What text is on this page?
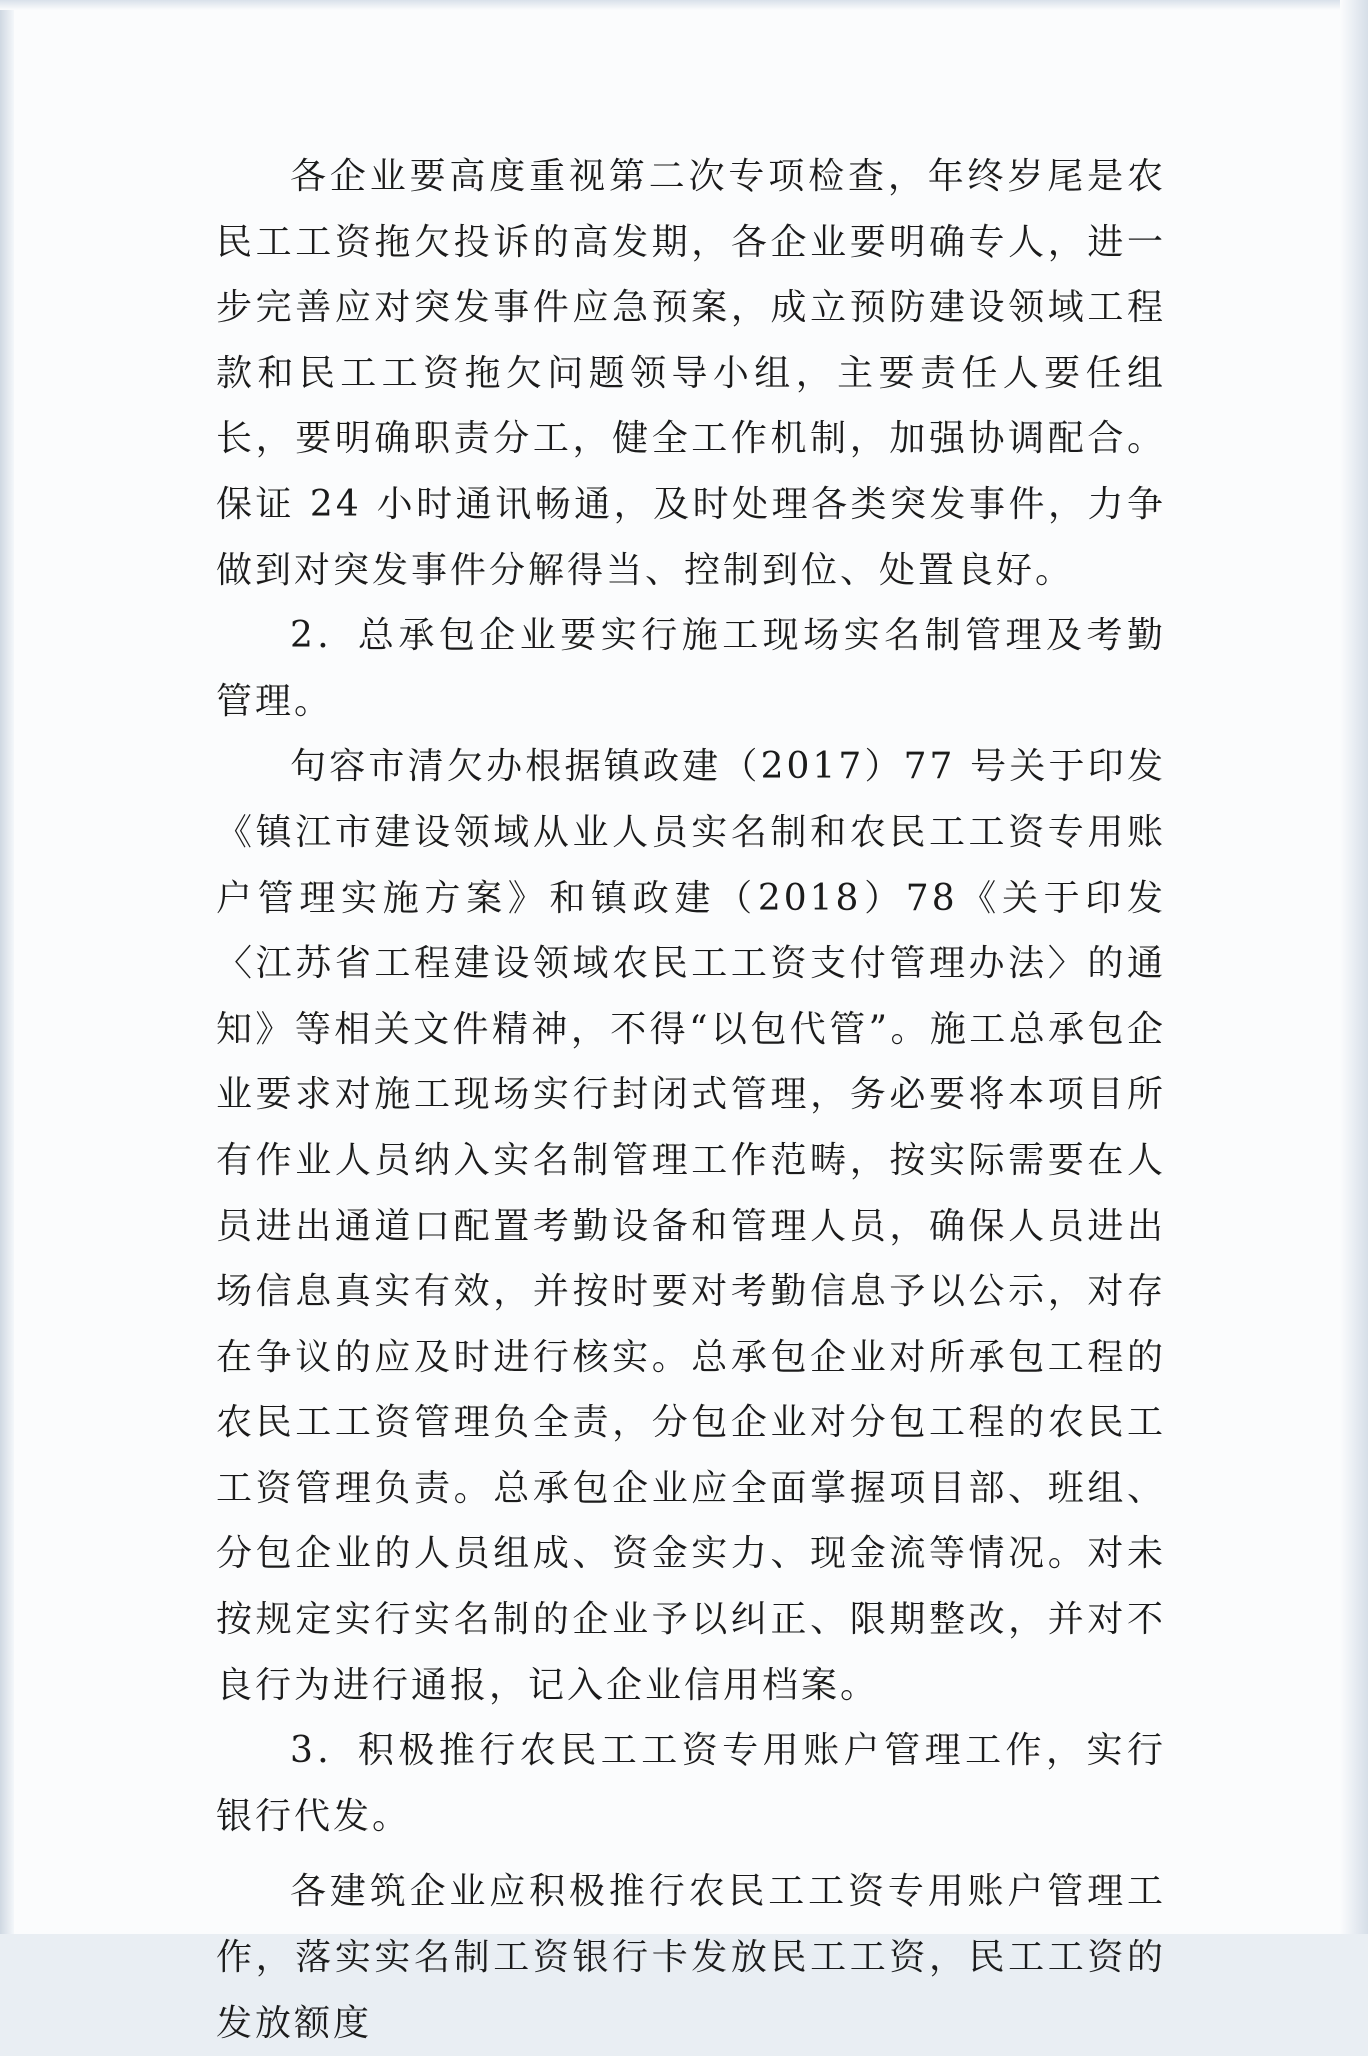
各企业要高度重视第二次专项检查，年终岁尾是农民工工资拖欠投诉的高发期，各企业要明确专人，进一步完善应对突发事件应急预案，成立预防建设领域工程款和民工工资拖欠问题领导小组，主要责任人要任组长，要明确职责分工，健全工作机制，加强协调配合。保证 24 小时通讯畅通，及时处理各类突发事件，力争做到对突发事件分解得当、控制到位、处置良好。

2．总承包企业要实行施工现场实名制管理及考勤管理。

句容市清欠办根据镇政建（2017）77 号关于印发《镇江市建设领域从业人员实名制和农民工工资专用账户管理实施方案》和镇政建（2018）78《关于印发〈江苏省工程建设领域农民工工资支付管理办法〉的通知》等相关文件精神，不得“以包代管”。施工总承包企业要求对施工现场实行封闭式管理，务必要将本项目所有作业人员纳入实名制管理工作范畴，按实际需要在人员进出通道口配置考勤设备和管理人员，确保人员进出场信息真实有效，并按时要对考勤信息予以公示，对存在争议的应及时进行核实。总承包企业对所承包工程的农民工工资管理负全责，分包企业对分包工程的农民工工资管理负责。总承包企业应全面掌握项目部、班组、分包企业的人员组成、资金实力、现金流等情况。对未按规定实行实名制的企业予以纠正、限期整改，并对不良行为进行通报，记入企业信用档案。

3．积极推行农民工工资专用账户管理工作，实行银行代发。

各建筑企业应积极推行农民工工资专用账户管理工作，落实实名制工资银行卡发放民工工资，民工工资的发放额度
